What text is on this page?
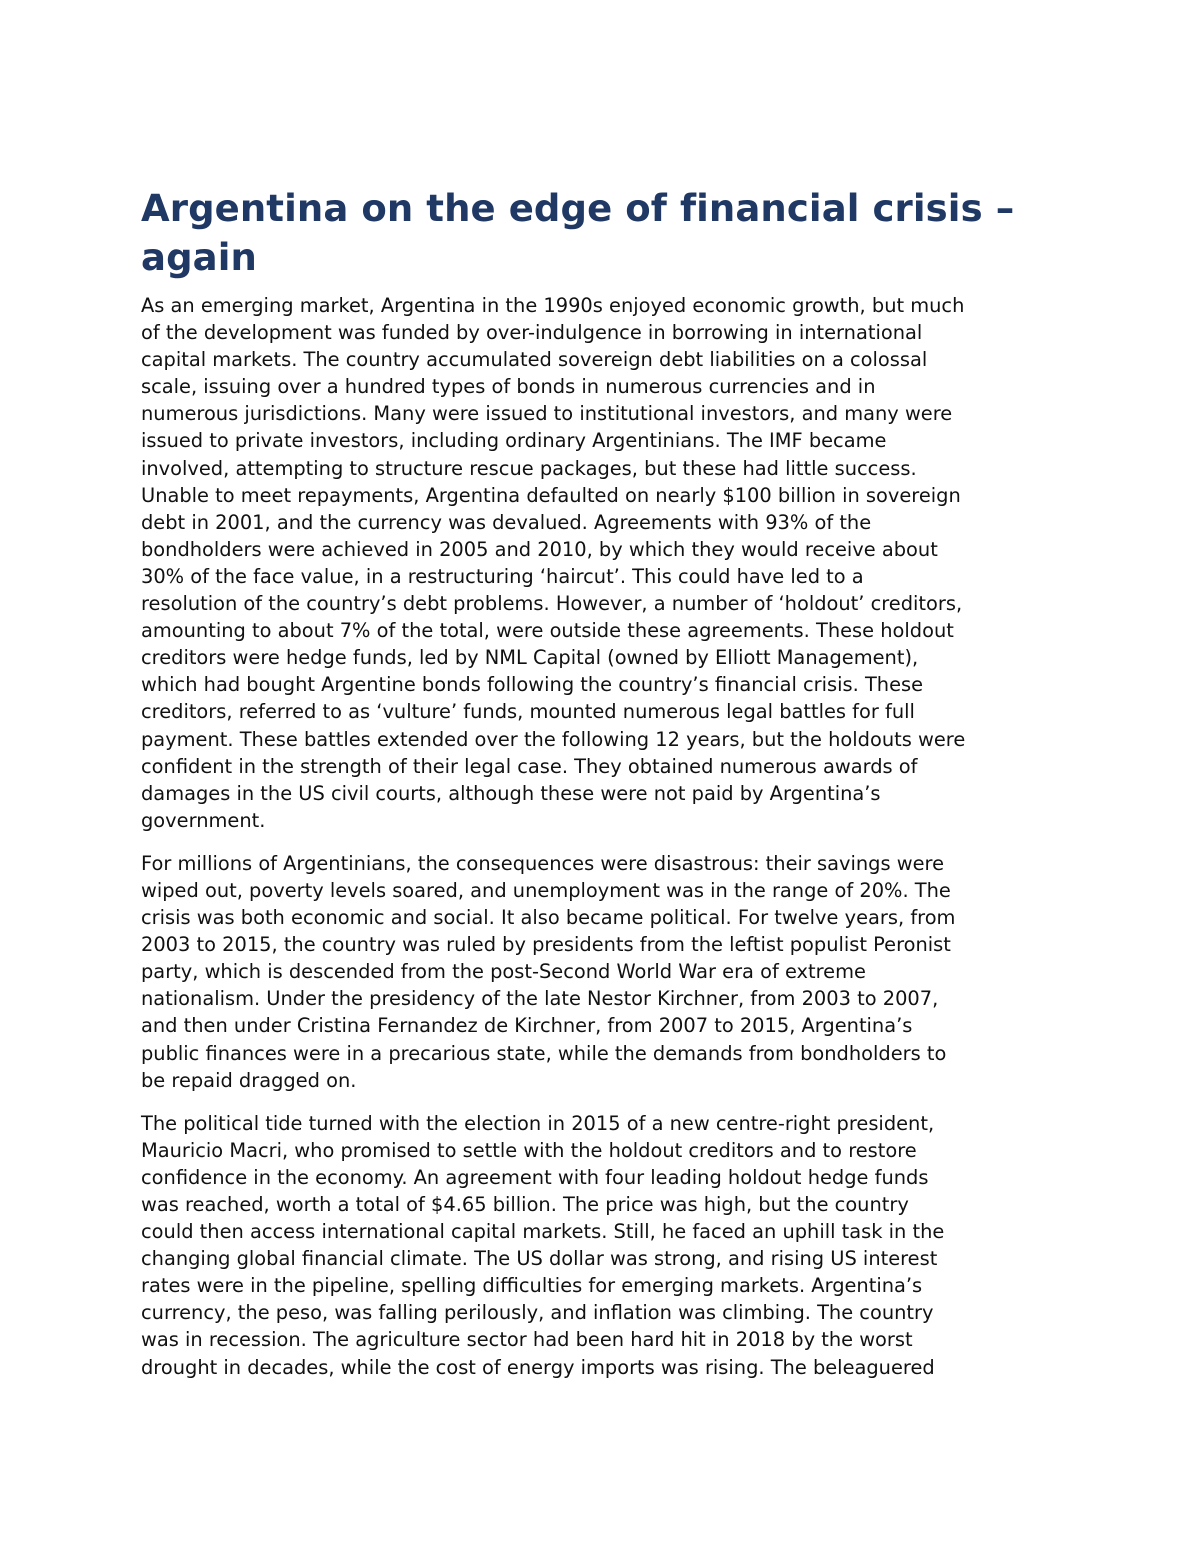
Argentina on the edge of financial crisis – again

As an emerging market, Argentina in the 1990s enjoyed economic growth, but much
of the development was funded by over-indulgence in borrowing in international
capital markets. The country accumulated sovereign debt liabilities on a colossal
scale, issuing over a hundred types of bonds in numerous currencies and in
numerous jurisdictions. Many were issued to institutional investors, and many were
issued to private investors, including ordinary Argentinians. The IMF became
involved, attempting to structure rescue packages, but these had little success.
Unable to meet repayments, Argentina defaulted on nearly $100 billion in sovereign
debt in 2001, and the currency was devalued. Agreements with 93% of the
bondholders were achieved in 2005 and 2010, by which they would receive about
30% of the face value, in a restructuring ‘haircut’. This could have led to a
resolution of the country’s debt problems. However, a number of ‘holdout’ creditors,
amounting to about 7% of the total, were outside these agreements. These holdout
creditors were hedge funds, led by NML Capital (owned by Elliott Management),
which had bought Argentine bonds following the country’s financial crisis. These
creditors, referred to as ‘vulture’ funds, mounted numerous legal battles for full
payment. These battles extended over the following 12 years, but the holdouts were
confident in the strength of their legal case. They obtained numerous awards of
damages in the US civil courts, although these were not paid by Argentina’s
government.

For millions of Argentinians, the consequences were disastrous: their savings were
wiped out, poverty levels soared, and unemployment was in the range of 20%. The
crisis was both economic and social. It also became political. For twelve years, from
2003 to 2015, the country was ruled by presidents from the leftist populist Peronist
party, which is descended from the post-Second World War era of extreme
nationalism. Under the presidency of the late Nestor Kirchner, from 2003 to 2007,
and then under Cristina Fernandez de Kirchner, from 2007 to 2015, Argentina’s
public finances were in a precarious state, while the demands from bondholders to
be repaid dragged on.

The political tide turned with the election in 2015 of a new centre-right president,
Mauricio Macri, who promised to settle with the holdout creditors and to restore
confidence in the economy. An agreement with four leading holdout hedge funds
was reached, worth a total of $4.65 billion. The price was high, but the country
could then access international capital markets. Still, he faced an uphill task in the
changing global financial climate. The US dollar was strong, and rising US interest
rates were in the pipeline, spelling difficulties for emerging markets. Argentina’s
currency, the peso, was falling perilously, and inflation was climbing. The country
was in recession. The agriculture sector had been hard hit in 2018 by the worst
drought in decades, while the cost of energy imports was rising. The beleaguered
